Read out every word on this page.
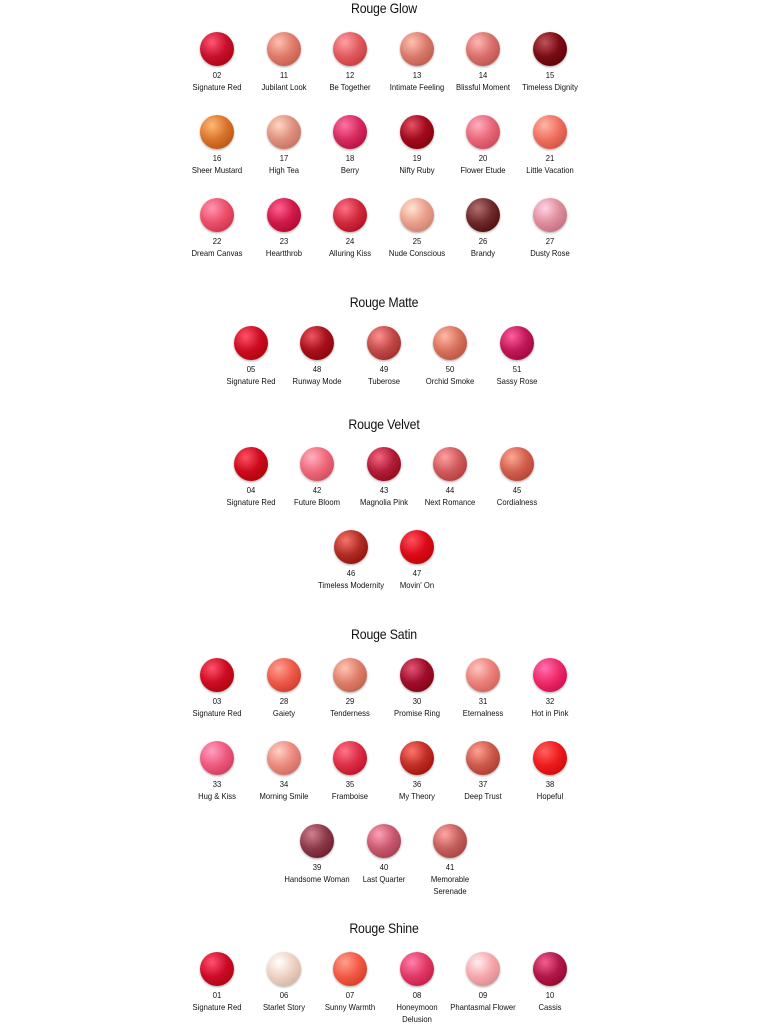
Rouge Glow
02
Signature Red
11
Jubilant Look
12
Be Together
13
Intimate Feeling
14
Blissful Moment
15
Timeless Dignity
16
Sheer Mustard
17
High Tea
18
Berry
19
Nifty Ruby
20
Flower Etude
21
Little Vacation
22
Dream Canvas
23
Heartthrob
24
Alluring Kiss
25
Nude Conscious
26
Brandy
27
Dusty Rose
Rouge Matte
05
Signature Red
48
Runway Mode
49
Tuberose
50
Orchid Smoke
51
Sassy Rose
Rouge Velvet
04
Signature Red
42
Future Bloom
43
Magnolia Pink
44
Next Romance
45
Cordialness
46
Timeless Modernity
47
Movin' On
Rouge Satin
03
Signature Red
28
Gaiety
29
Tenderness
30
Promise Ring
31
Eternalness
32
Hot in Pink
33
Hug & Kiss
34
Morning Smile
35
Framboise
36
My Theory
37
Deep Trust
38
Hopeful
39
Handsome Woman
40
Last Quarter
41
Memorable Serenade
Rouge Shine
01
Signature Red
06
Starlet Story
07
Sunny Warmth
08
Honeymoon Delusion
09
Phantasmal Flower
10
Cassis
